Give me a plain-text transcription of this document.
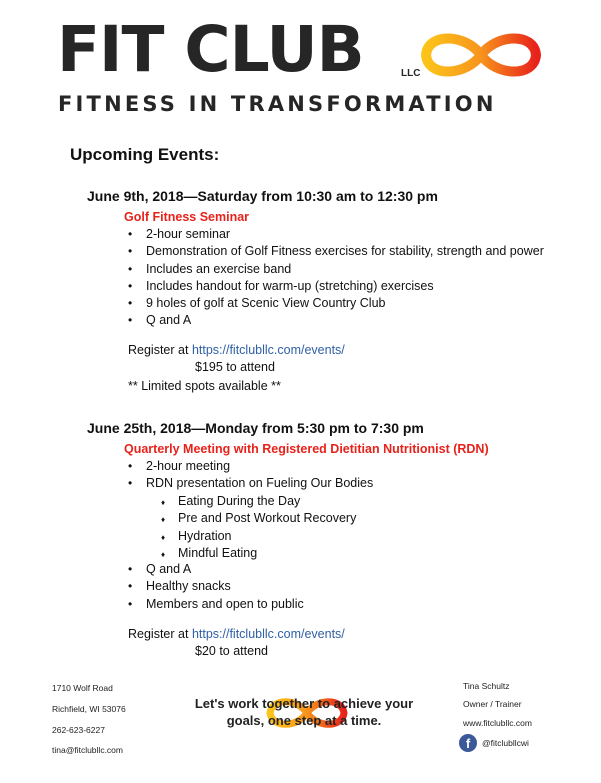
FIT CLUB	LLC
FITNESS IN TRANSFORMATION
Upcoming Events:
June 9th, 2018—Saturday from 10:30 am to 12:30 pm
Golf Fitness Seminar
• 2-hour seminar
• Demonstration of Golf Fitness exercises for stability, strength and power
• Includes an exercise band
• Includes handout for warm-up (stretching) exercises
• 9 holes of golf at Scenic View Country Club
• Q and A
Register at https://fitclubllc.com/events/
$195 to attend
** Limited spots available **
June 25th, 2018—Monday from 5:30 pm to 7:30 pm
Quarterly Meeting with Registered Dietitian Nutritionist (RDN)
• 2-hour meeting
• RDN presentation on Fueling Our Bodies
♦ Eating During the Day
♦ Pre and Post Workout Recovery
♦ Hydration
♦ Mindful Eating
• Q and A
• Healthy snacks
• Members and open to public
Register at https://fitclubllc.com/events/
$20 to attend
1710 Wolf Road
Richfield, WI 53076
262-623-6227
tina@fitclubllc.com
Let's work together to achieve your
goals, one step at a time.
Tina Schultz
Owner / Trainer
www.fitclubllc.com
f	@fitclubllcwi
